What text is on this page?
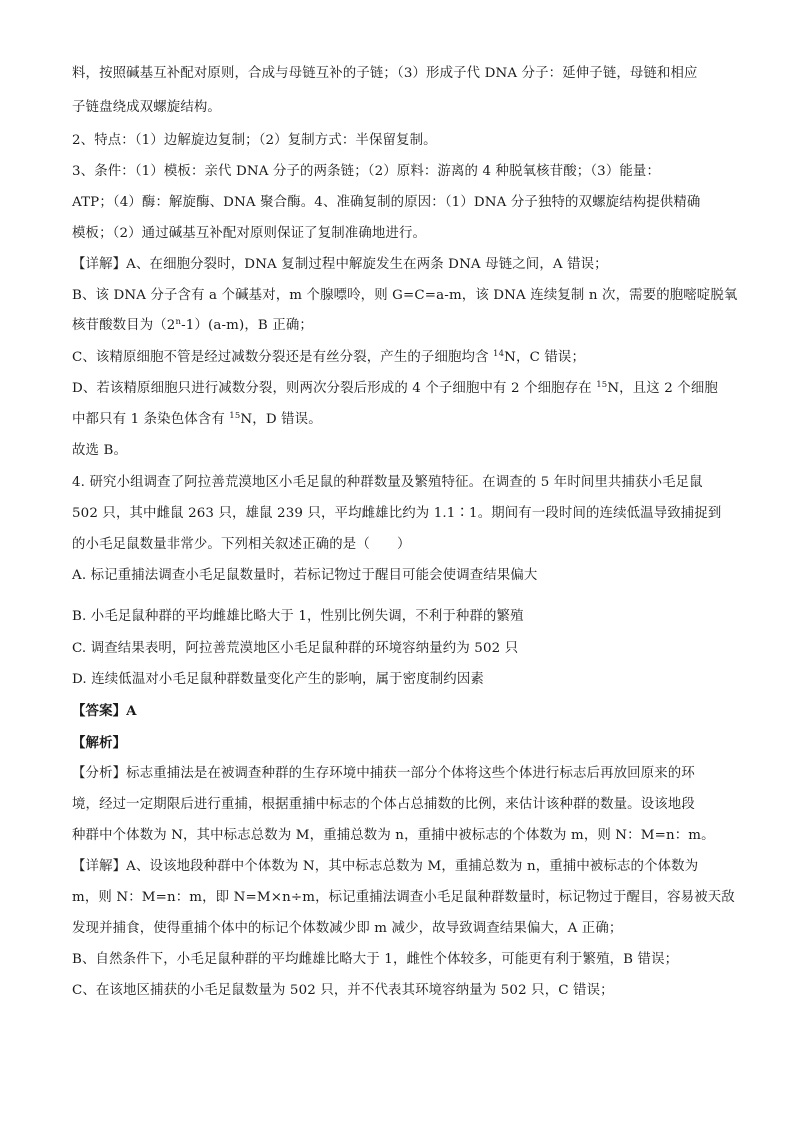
料，按照碱基互补配对原则，合成与母链互补的子链；（3）形成子代 DNA 分子：延伸子链，母链和相应
子链盘绕成双螺旋结构。
2、特点：（1）边解旋边复制；（2）复制方式：半保留复制。
3、条件：（1）模板：亲代 DNA 分子的两条链；（2）原料：游离的 4 种脱氧核苷酸；（3）能量：
ATP；（4）酶：解旋酶、DNA 聚合酶。4、准确复制的原因：（1）DNA 分子独特的双螺旋结构提供精确
模板；（2）通过碱基互补配对原则保证了复制准确地进行。
【详解】A、在细胞分裂时，DNA 复制过程中解旋发生在两条 DNA 母链之间，A 错误；
B、该 DNA 分子含有 a 个碱基对，m 个腺嘌呤，则 G=C=a-m，该 DNA 连续复制 n 次，需要的胞嘧啶脱氧
核苷酸数目为（2$^n$-1）(a-m)，B 正确；
C、该精原细胞不管是经过减数分裂还是有丝分裂，产生的子细胞均含 $^{14}$N，C 错误；
D、若该精原细胞只进行减数分裂，则两次分裂后形成的 4 个子细胞中有 2 个细胞存在 $^{15}$N，且这 2 个细胞
中都只有 1 条染色体含有 $^{15}$N，D 错误。
故选 B。
4. 研究小组调查了阿拉善荒漠地区小毛足鼠的种群数量及繁殖特征。在调查的 5 年时间里共捕获小毛足鼠
502 只，其中雌鼠 263 只，雄鼠 239 只，平均雌雄比约为 1.1∶1。期间有一段时间的连续低温导致捕捉到
的小毛足鼠数量非常少。下列相关叙述正确的是（　　）
A. 标记重捕法调查小毛足鼠数量时，若标记物过于醒目可能会使调查结果偏大
B. 小毛足鼠种群的平均雌雄比略大于 1，性别比例失调，不利于种群的繁殖
C. 调查结果表明，阿拉善荒漠地区小毛足鼠种群的环境容纳量约为 502 只
D. 连续低温对小毛足鼠种群数量变化产生的影响，属于密度制约因素
【答案】A
【解析】
【分析】标志重捕法是在被调查种群的生存环境中捕获一部分个体将这些个体进行标志后再放回原来的环
境，经过一定期限后进行重捕，根据重捕中标志的个体占总捕数的比例，来估计该种群的数量。设该地段
种群中个体数为 N，其中标志总数为 M，重捕总数为 n，重捕中被标志的个体数为 m，则 N：M=n：m。
【详解】A、设该地段种群中个体数为 N，其中标志总数为 M，重捕总数为 n，重捕中被标志的个体数为
m，则 N：M=n：m，即 N=M×n÷m，标记重捕法调查小毛足鼠种群数量时，标记物过于醒目，容易被天敌
发现并捕食，使得重捕个体中的标记个体数减少即 m 减少，故导致调查结果偏大，A 正确；
B、自然条件下，小毛足鼠种群的平均雌雄比略大于 1，雌性个体较多，可能更有利于繁殖，B 错误；
C、在该地区捕获的小毛足鼠数量为 502 只，并不代表其环境容纳量为 502 只，C 错误；
